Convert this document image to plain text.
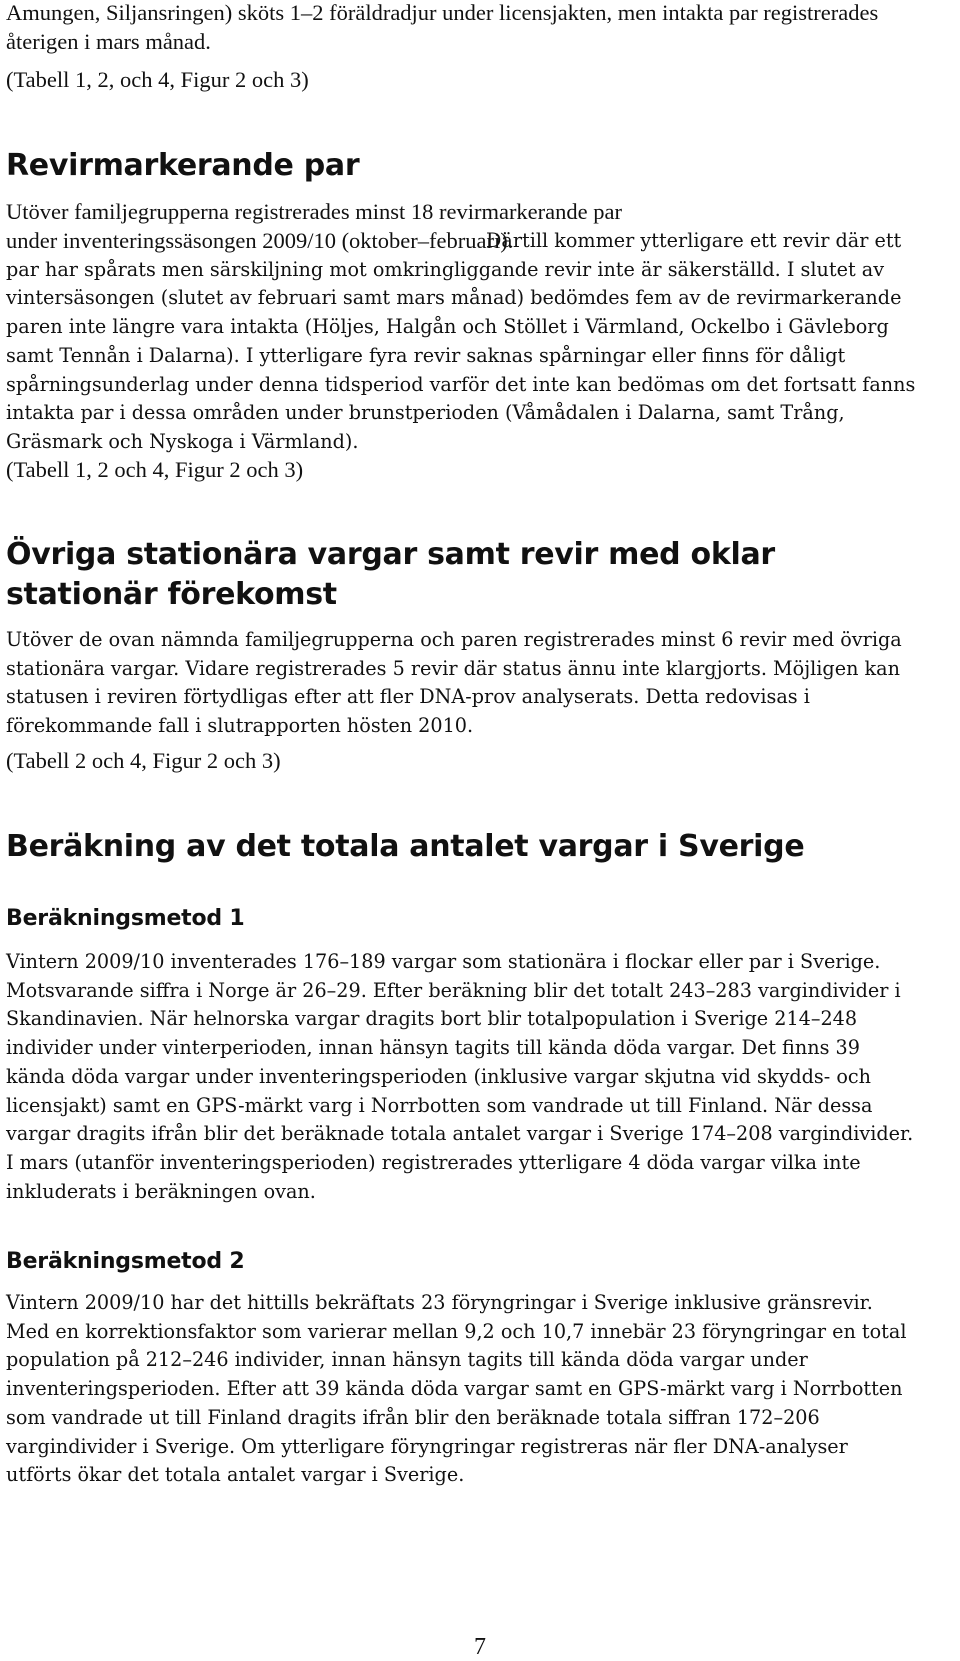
Amungen, Siljansringen) sköts 1–2 föräldradjur under licensjakten, men intakta par registrerades återigen i mars månad.

(Tabell 1, 2, och 4, Figur 2 och 3)

Revirmarkerande par

Utöver familjegrupperna registrerades minst 18 revirmarkerande par under inventeringssäsongen 2009/10 (oktober–februari).

Därtill kommer ytterligare ett revir där ett par har spårats men särskiljning mot omkringliggande revir inte är säkerställd. I slutet av vintersäsongen (slutet av februari samt mars månad) bedömdes fem av de revirmarkerande paren inte längre vara intakta (Höljes, Halgån och Stöllet i Värmland, Ockelbo i Gävleborg samt Tennån i Dalarna). I ytterligare fyra revir saknas spårningar eller finns för dåligt spårningsunderlag under denna tidsperiod varför det inte kan bedömas om det fortsatt fanns intakta par i dessa områden under brunstperioden (Våmådalen i Dalarna, samt Trång, Gräsmark och Nyskoga i Värmland).

(Tabell 1, 2 och 4, Figur 2 och 3)

Övriga stationära vargar samt revir med oklar stationär förekomst

Utöver de ovan nämnda familjegrupperna och paren registrerades minst 6 revir med övriga stationära vargar. Vidare registrerades 5 revir där status ännu inte klargjorts. Möjligen kan statusen i reviren förtydligas efter att fler DNA-prov analyserats. Detta redovisas i förekommande fall i slutrapporten hösten 2010.

(Tabell 2 och 4, Figur 2 och 3)

Beräkning av det totala antalet vargar i Sverige
Beräkningsmetod 1

Vintern 2009/10 inventerades 176–189 vargar som stationära i flockar eller par i Sverige. Motsvarande siffra i Norge är 26–29. Efter beräkning blir det totalt 243–283 vargindivider i Skandinavien. När helnorska vargar dragits bort blir totalpopulation i Sverige 214–248 individer under vinterperioden, innan hänsyn tagits till kända döda vargar. Det finns 39 kända döda vargar under inventeringsperioden (inklusive vargar skjutna vid skydds- och licensjakt) samt en GPS-märkt varg i Norrbotten som vandrade ut till Finland. När dessa vargar dragits ifrån blir det beräknade totala antalet vargar i Sverige 174–208 vargindivider. I mars (utanför inventeringsperioden) registrerades ytterligare 4 döda vargar vilka inte inkluderats i beräkningen ovan.

Beräkningsmetod 2

Vintern 2009/10 har det hittills bekräftats 23 föryngringar i Sverige inklusive gränsrevir. Med en korrektionsfaktor som varierar mellan 9,2 och 10,7 innebär 23 föryngringar en total population på 212–246 individer, innan hänsyn tagits till kända döda vargar under inventeringsperioden. Efter att 39 kända döda vargar samt en GPS-märkt varg i Norrbotten som vandrade ut till Finland dragits ifrån blir den beräknade totala siffran 172–206 vargindivider i Sverige. Om ytterligare föryngringar registreras när fler DNA-analyser utförts ökar det totala antalet vargar i Sverige.

7
